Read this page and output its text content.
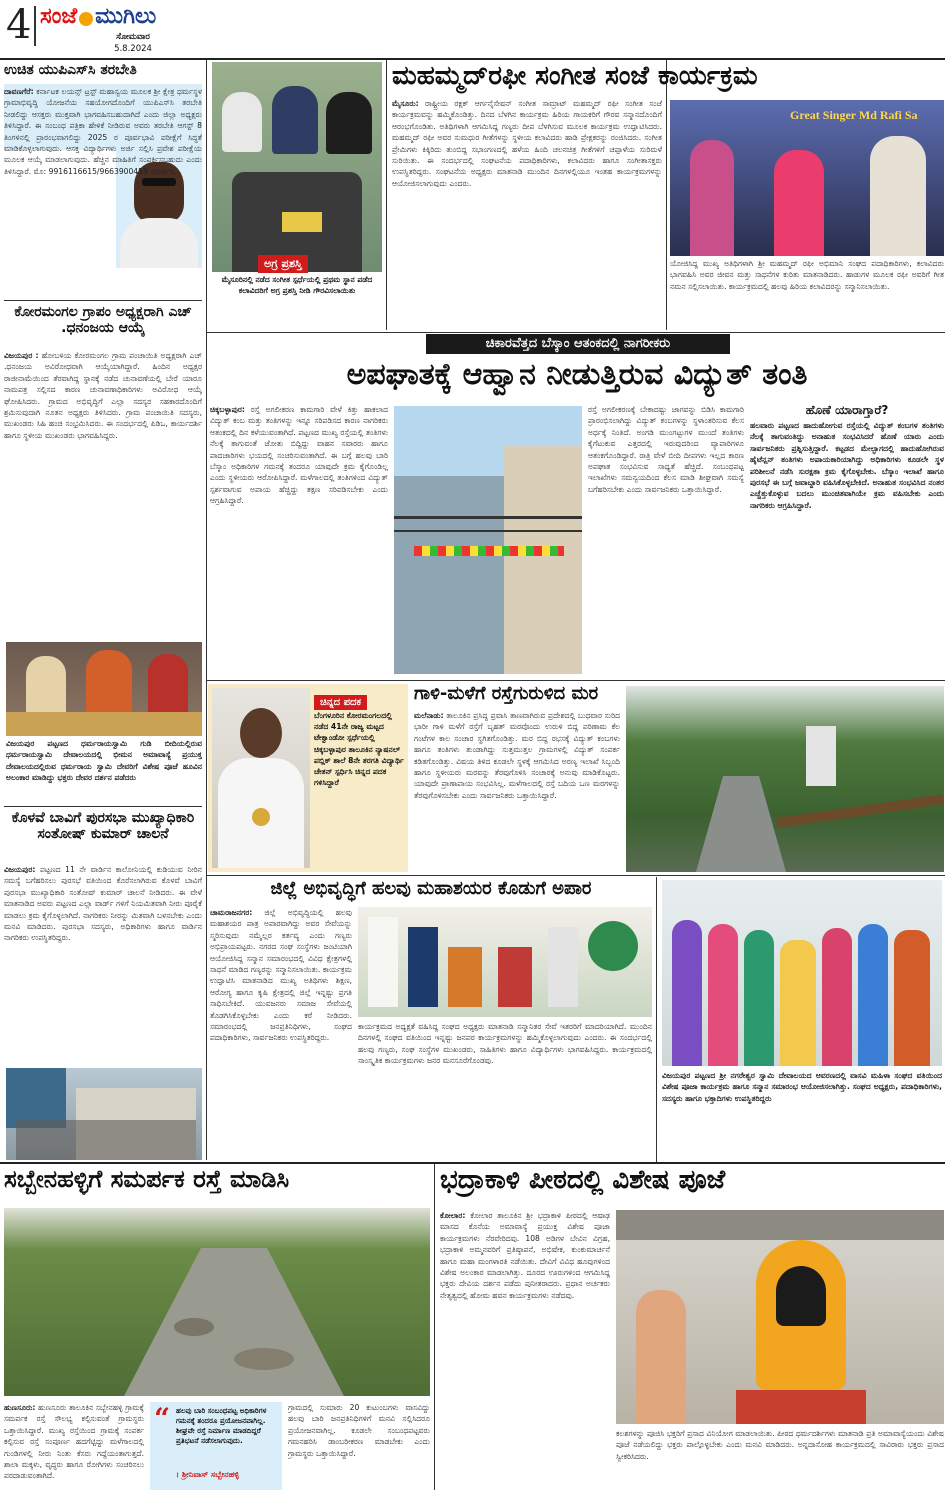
4 ಸಂಜೆ ಮುಗಿಲು
ಸೋಮವಾರ
5.8.2024
ಉಚಿತ ಯುಪಿಎಸ್‌ಸಿ ತರಬೇತಿ

ದಾವಣಗೆರೆ: ಕರ್ನಾಟಕ ಲಯನ್ಸ್ ಟ್ರಸ್ಟ್ ಮಹಾಸ್ವಯ ಮೂಲಕ ಶ್ರೀ ಕ್ಷೇತ್ರ ಧರ್ಮಸ್ಥಳ ಗ್ರಾಮಾಭಿವೃದ್ಧಿ ಯೋಜನೆಯ ಸಹಯೋಗದೊಂದಿಗೆ ಯುಪಿಎಸ್‌ಸಿ ತರಬೇತಿ ನೀಡಲಿದ್ದು ಆಸಕ್ತರು ಮುಕ್ತವಾಗಿ ಭಾಗವಹಿಸಬಹುದಾಗಿದೆ ಎಂದು ಜಿಲ್ಲಾ ಅಧ್ಯಕ್ಷರು ತಿಳಿಸಿದ್ದಾರೆ. ಈ ಸಂಬಂಧ ಪತ್ರಿಕಾ ಹೇಳಿಕೆ ನೀಡಿರುವ ಅವರು ತರಬೇತಿ ಆಗಸ್ಟ್ 8 ತಿಂಗಳಿನಲ್ಲಿ ಪ್ರಾರಂಭವಾಗಲಿದ್ದು 2025 ರ ಪೂರ್ವಭಾವಿ ಪರೀಕ್ಷೆಗೆ ಸಿದ್ಧತೆ ಮಾಡಿಕೊಳ್ಳಲಾಗುವುದು. ಆಸಕ್ತ ವಿದ್ಯಾರ್ಥಿಗಳು ಅರ್ಜಿ ಸಲ್ಲಿಸಿ ಪ್ರವೇಶ ಪರೀಕ್ಷೆಯ ಮೂಲಕ ಆಯ್ಕೆ ಮಾಡಲಾಗುವುದು. ಹೆಚ್ಚಿನ ಮಾಹಿತಿಗೆ ಸಂಪರ್ಕಿಸಬಹುದು ಎಂದು ತಿಳಿಸಿದ್ದಾರೆ. ಮೊ: 9916116615/9663900459 ಸಂಪರ್ಕಿಸಿ.

ಕೋರಮಂಗಲ ಗ್ರಾಪಂ ಅಧ್ಯಕ್ಷರಾಗಿ ಎಚ್ .ಧನಂಜಯ ಆಯ್ಕೆ

ವಿಜಯಪುರ : ಹೋಬಳಿಯ ಕೋರಮಂಗಲ ಗ್ರಾಮ ಪಂಚಾಯಿತಿ ಅಧ್ಯಕ್ಷರಾಗಿ ಎಚ್ .ಧನಂಜಯ ಅವಿರೋಧವಾಗಿ ಆಯ್ಕೆಯಾಗಿದ್ದಾರೆ. ಹಿಂದಿನ ಅಧ್ಯಕ್ಷರ ರಾಜೀನಾಮೆಯಿಂದ ತೆರವಾಗಿದ್ದ ಸ್ಥಾನಕ್ಕೆ ನಡೆದ ಚುನಾವಣೆಯಲ್ಲಿ ಬೇರೆ ಯಾರೂ ನಾಮಪತ್ರ ಸಲ್ಲಿಸದ ಕಾರಣ ಚುನಾವಣಾಧಿಕಾರಿಗಳು ಅವಿರೋಧ ಆಯ್ಕೆ ಘೋಷಿಸಿದರು. ಗ್ರಾಮದ ಅಭಿವೃದ್ಧಿಗೆ ಎಲ್ಲಾ ಸದಸ್ಯರ ಸಹಕಾರದೊಂದಿಗೆ ಶ್ರಮಿಸುವುದಾಗಿ ನೂತನ ಅಧ್ಯಕ್ಷರು ತಿಳಿಸಿದರು. ಗ್ರಾಮ ಪಂಚಾಯಿತಿ ಸದಸ್ಯರು, ಮುಖಂಡರು ಸಿಹಿ ಹಂಚಿ ಸಂಭ್ರಮಿಸಿದರು. ಈ ಸಂದರ್ಭದಲ್ಲಿ ಪಿಡಿಒ, ಕಾರ್ಯದರ್ಶಿ ಹಾಗೂ ಸ್ಥಳೀಯ ಮುಖಂಡರು ಭಾಗವಹಿಸಿದ್ದರು.

ವಿಜಯಪುರ ಪಟ್ಟಣದ ಧರ್ಮರಾಯಸ್ವಾಮಿ ಗುಡಿ ಬೀದಿಯಲ್ಲಿರುವ ಧರ್ಮರಾಯಸ್ವಾಮಿ ದೇವಾಲಯದಲ್ಲಿ ಭೀಮನ ಅಮಾವಾಸ್ಯೆ ಪ್ರಯುಕ್ತ ದೇವಾಲಯದಲ್ಲಿರುವ ಧರ್ಮರಾಯ ಸ್ವಾಮಿ ದೇವರಿಗೆ ವಿಶೇಷ ಪೂಜೆ ಹೂವಿನ ಅಲಂಕಾರ ಮಾಡಿದ್ದು ಭಕ್ತರು ದೇವರ ದರ್ಶನ ಪಡೆದರು

ಕೊಳವೆ ಬಾವಿಗೆ ಪುರಸಭಾ ಮುಖ್ಯಾಧಿಕಾರಿ ಸಂತೋಷ್ ಕುಮಾರ್ ಚಾಲನೆ

ವಿಜಯಪುರ: ಪಟ್ಟಣದ 11 ನೇ ವಾರ್ಡಿನ ಕಾಲೋನಿಯಲ್ಲಿ ಕುಡಿಯುವ ನೀರಿನ ಸಮಸ್ಯೆ ಬಗೆಹರಿಸಲು ಪುರಸಭೆ ವತಿಯಿಂದ ಕೊರೆಸಲಾಗಿರುವ ಕೊಳವೆ ಬಾವಿಗೆ ಪುರಸಭಾ ಮುಖ್ಯಾಧಿಕಾರಿ ಸಂತೋಷ್ ಕುಮಾರ್ ಚಾಲನೆ ನೀಡಿದರು. ಈ ವೇಳೆ ಮಾತನಾಡಿದ ಅವರು ಪಟ್ಟಣದ ಎಲ್ಲಾ ವಾರ್ಡ್ ಗಳಿಗೆ ನಿಯಮಿತವಾಗಿ ನೀರು ಪೂರೈಕೆ ಮಾಡಲು ಕ್ರಮ ಕೈಗೊಳ್ಳಲಾಗಿದೆ. ನಾಗರಿಕರು ನೀರನ್ನು ಮಿತವಾಗಿ ಬಳಸಬೇಕು ಎಂದು ಮನವಿ ಮಾಡಿದರು. ಪುರಸಭಾ ಸದಸ್ಯರು, ಅಧಿಕಾರಿಗಳು ಹಾಗೂ ವಾರ್ಡಿನ ನಾಗರಿಕರು ಉಪಸ್ಥಿತರಿದ್ದರು.

ಅಗ್ರ ಪ್ರಶಸ್ತಿ

ಮೈಸೂರಿನಲ್ಲಿ ನಡೆದ ಸಂಗೀತ ಸ್ಪರ್ಧೆಯಲ್ಲಿ ಪ್ರಥಮ ಸ್ಥಾನ ಪಡೆದ ಕಲಾವಿದರಿಗೆ ಅಗ್ರ ಪ್ರಶಸ್ತಿ ನೀಡಿ ಗೌರವಿಸಲಾಯಿತು

ಮಹಮ್ಮದ್‌ರಫೀ ಸಂಗೀತ ಸಂಜೆ ಕಾರ್ಯಕ್ರಮ

ಮೈಸೂರು: ರಾಷ್ಟ್ರೀಯ ರಕ್ಷಕ್ ಆರ್ಗನೈಸೇಷನ್ ಸಂಗೀತ ಸಾಮ್ರಾಟ್ ಮಹಮ್ಮದ್ ರಫೀ ಸಂಗೀತ ಸಂಜೆ ಕಾರ್ಯಕ್ರಮವನ್ನು ಹಮ್ಮಿಕೊಂಡಿತ್ತು. ದಿನದ ಬೆಳಗಿನ ಕಾರ್ಯಕ್ರಮ ಹಿರಿಯ ಗಾಯಕರಿಗೆ ಗೌರವ ಸನ್ಮಾನದೊಂದಿಗೆ ಆರಂಭಗೊಂಡಿತು. ಅತಿಥಿಗಳಾಗಿ ಆಗಮಿಸಿದ್ದ ಗಣ್ಯರು ದೀಪ ಬೆಳಗಿಸುವ ಮೂಲಕ ಕಾರ್ಯಕ್ರಮ ಉದ್ಘಾಟಿಸಿದರು. ಮಹಮ್ಮದ್ ರಫೀ ಅವರ ಸುಮಧುರ ಗೀತೆಗಳನ್ನು ಸ್ಥಳೀಯ ಕಲಾವಿದರು ಹಾಡಿ ಪ್ರೇಕ್ಷಕರನ್ನು ರಂಜಿಸಿದರು. ಸಂಗೀತ ಪ್ರೇಮಿಗಳು ಕಿಕ್ಕಿರಿದು ತುಂಬಿದ್ದ ಸಭಾಂಗಣದಲ್ಲಿ ಹಳೆಯ ಹಿಂದಿ ಚಲನಚಿತ್ರ ಗೀತೆಗಳಿಗೆ ಚಪ್ಪಾಳೆಯ ಸುರಿಮಳೆ ಸುರಿಯಿತು. ಈ ಸಂದರ್ಭದಲ್ಲಿ ಸಂಘಟನೆಯ ಪದಾಧಿಕಾರಿಗಳು, ಕಲಾವಿದರು ಹಾಗೂ ಸಂಗೀತಾಸಕ್ತರು ಉಪಸ್ಥಿತರಿದ್ದರು. ಸಂಘಟನೆಯ ಅಧ್ಯಕ್ಷರು ಮಾತನಾಡಿ ಮುಂದಿನ ದಿನಗಳಲ್ಲಿಯೂ ಇಂತಹ ಕಾರ್ಯಕ್ರಮಗಳನ್ನು ಆಯೋಜಿಸಲಾಗುವುದು ಎಂದರು.

Great Singer Md Rafi Sa

ಯೋಜಿಸಿದ್ದ ಮುಖ್ಯ ಅತಿಥಿಗಳಾಗಿ ಶ್ರೀ ಮಹಮ್ಮದ್ ರಫೀ ಅಭಿಮಾನಿ ಸಂಘದ ಪದಾಧಿಕಾರಿಗಳು, ಕಲಾವಿದರು ಭಾಗವಹಿಸಿ ಅವರ ಜೀವನ ಮತ್ತು ಸಾಧನೆಗಳ ಕುರಿತು ಮಾತನಾಡಿದರು. ಹಾಡುಗಳ ಮೂಲಕ ರಫೀ ಅವರಿಗೆ ಗೀತ ನಮನ ಸಲ್ಲಿಸಲಾಯಿತು. ಕಾರ್ಯಕ್ರಮದಲ್ಲಿ ಹಲವು ಹಿರಿಯ ಕಲಾವಿದರನ್ನು ಸನ್ಮಾನಿಸಲಾಯಿತು.

ಚಿಕಾರವೆತ್ತದ ಬೆಸ್ಕಾಂ ಆತಂಕದಲ್ಲಿ ನಾಗರೀಕರು
ಅಪಘಾತಕ್ಕೆ ಆಹ್ವಾನ ನೀಡುತ್ತಿರುವ ವಿದ್ಯುತ್ ತಂತಿ

ಚಿಕ್ಕಬಳ್ಳಾಪುರ: ರಸ್ತೆ ಅಗಲೀಕರಣ ಕಾಮಗಾರಿ ವೇಳೆ ಕಿತ್ತು ಹಾಕಲಾದ ವಿದ್ಯುತ್ ಕಂಬ ಮತ್ತು ತಂತಿಗಳನ್ನು ಇನ್ನೂ ಸರಿಪಡಿಸದ ಕಾರಣ ನಾಗರಿಕರು ಆತಂಕದಲ್ಲಿ ದಿನ ಕಳೆಯುವಂತಾಗಿದೆ. ಪಟ್ಟಣದ ಮುಖ್ಯ ರಸ್ತೆಯಲ್ಲಿ ತಂತಿಗಳು ನೆಲಕ್ಕೆ ತಾಗುವಂತೆ ಜೋತು ಬಿದ್ದಿದ್ದು ವಾಹನ ಸವಾರರು ಹಾಗೂ ಪಾದಚಾರಿಗಳು ಭಯದಲ್ಲಿ ಸಂಚರಿಸುವಂತಾಗಿದೆ. ಈ ಬಗ್ಗೆ ಹಲವು ಬಾರಿ ಬೆಸ್ಕಾಂ ಅಧಿಕಾರಿಗಳ ಗಮನಕ್ಕೆ ತಂದರೂ ಯಾವುದೇ ಕ್ರಮ ಕೈಗೊಂಡಿಲ್ಲ ಎಂದು ಸ್ಥಳೀಯರು ಆರೋಪಿಸಿದ್ದಾರೆ. ಮಳೆಗಾಲದಲ್ಲಿ ತಂತಿಗಳಿಂದ ವಿದ್ಯುತ್ ಸ್ಪರ್ಶವಾಗುವ ಅಪಾಯ ಹೆಚ್ಚಿದ್ದು ತಕ್ಷಣ ಸರಿಪಡಿಸಬೇಕು ಎಂದು ಆಗ್ರಹಿಸಿದ್ದಾರೆ.

ರಸ್ತೆ ಅಗಲೀಕರಣಕ್ಕೆ ಬೇಕಾದಷ್ಟು ಜಾಗವನ್ನು ಬಿಡಿಸಿ ಕಾಮಗಾರಿ ಪ್ರಾರಂಭಿಸಲಾಗಿದ್ದು ವಿದ್ಯುತ್ ಕಂಬಗಳನ್ನು ಸ್ಥಳಾಂತರಿಸುವ ಕೆಲಸ ಅರ್ಧಕ್ಕೆ ನಿಂತಿದೆ. ಅಂಗಡಿ ಮುಂಗಟ್ಟುಗಳ ಮುಂದೆ ತಂತಿಗಳು ಕೈಗೆಟುಕುವ ಎತ್ತರದಲ್ಲಿ ಇರುವುದರಿಂದ ವ್ಯಾಪಾರಿಗಳೂ ಆತಂಕಗೊಂಡಿದ್ದಾರೆ. ರಾತ್ರಿ ವೇಳೆ ಬೀದಿ ದೀಪಗಳು ಇಲ್ಲದ ಕಾರಣ ಅಪಘಾತ ಸಂಭವಿಸುವ ಸಾಧ್ಯತೆ ಹೆಚ್ಚಿದೆ. ಸಂಬಂಧಪಟ್ಟ ಇಲಾಖೆಗಳು ಸಮನ್ವಯದಿಂದ ಕೆಲಸ ಮಾಡಿ ಶೀಘ್ರವಾಗಿ ಸಮಸ್ಯೆ ಬಗೆಹರಿಸಬೇಕು ಎಂದು ಸಾರ್ವಜನಿಕರು ಒತ್ತಾಯಿಸಿದ್ದಾರೆ.

ಹೊಣೆ ಯಾರಾಗ್ತಾರೆ?

ಹಲವಾರು ಪಟ್ಟಣದ ಹಾದುಹೋಗುವ ರಸ್ತೆಯಲ್ಲಿ ವಿದ್ಯುತ್ ಕಂಬಗಳ ತಂತಿಗಳು ನೆಲಕ್ಕೆ ತಾಗುವಂತಿದ್ದು ಅನಾಹುತ ಸಂಭವಿಸಿದರೆ ಹೊಣೆ ಯಾರು ಎಂದು ಸಾರ್ವಜನಿಕರು ಪ್ರಶ್ನಿಸುತ್ತಿದ್ದಾರೆ. ಕಟ್ಟಡದ ಮೇಲ್ಭಾಗದಲ್ಲಿ ಹಾದುಹೋಗಿರುವ ಹೈಟೆನ್ಷನ್ ತಂತಿಗಳು ಅಪಾಯಕಾರಿಯಾಗಿದ್ದು ಅಧಿಕಾರಿಗಳು ಕೂಡಲೇ ಸ್ಥಳ ಪರಿಶೀಲನೆ ನಡೆಸಿ ಸುರಕ್ಷತಾ ಕ್ರಮ ಕೈಗೊಳ್ಳಬೇಕು. ಬೆಸ್ಕಾಂ ಇಲಾಖೆ ಹಾಗೂ ಪುರಸಭೆ ಈ ಬಗ್ಗೆ ಜವಾಬ್ದಾರಿ ವಹಿಸಿಕೊಳ್ಳಬೇಕಿದೆ. ಅನಾಹುತ ಸಂಭವಿಸಿದ ನಂತರ ಎಚ್ಚೆತ್ತುಕೊಳ್ಳುವ ಬದಲು ಮುಂಚಿತವಾಗಿಯೇ ಕ್ರಮ ವಹಿಸಬೇಕು ಎಂದು ನಾಗರಿಕರು ಆಗ್ರಹಿಸಿದ್ದಾರೆ.

ಚಿನ್ನದ ಪದಕ

ಬೆಂಗಳೂರಿನ ಕೋರಮಂಗಲದಲ್ಲಿ ನಡೆದ 41ನೇ ರಾಜ್ಯ ಮಟ್ಟದ ಟೇಕ್ವಾಂಡೋ ಸ್ಪರ್ಧೆಯಲ್ಲಿ ಚಿಕ್ಕಬಳ್ಳಾಪುರ ತಾಲೂಕಿನ ನ್ಯಾಷನಲ್ ಪಬ್ಲಿಕ್ ಶಾಲೆ 8ನೇ ತರಗತಿ ವಿದ್ಯಾರ್ಥಿ ಚೇತನ್ ಸ್ಪರ್ಧಿಸಿ ಚಿನ್ನದ ಪದಕ ಗಳಿಸಿದ್ದಾರೆ

ಗಾಳಿ-ಮಳೆಗೆ ರಸ್ತೆಗುರುಳಿದ ಮರ

ಮಲೆನಾಡು: ತಾಲೂಕಿನ ಪ್ರಸಿದ್ಧ ಪ್ರವಾಸಿ ತಾಣವಾಗಿರುವ ಪ್ರದೇಶದಲ್ಲಿ ಬುಧವಾರ ಸುರಿದ ಭಾರೀ ಗಾಳಿ ಮಳೆಗೆ ರಸ್ತೆಗೆ ಬೃಹತ್ ಮರವೊಂದು ಉರುಳಿ ಬಿದ್ದ ಪರಿಣಾಮ ಕೆಲ ಗಂಟೆಗಳ ಕಾಲ ಸಂಚಾರ ಸ್ಥಗಿತಗೊಂಡಿತ್ತು. ಮರ ಬಿದ್ದ ರಭಸಕ್ಕೆ ವಿದ್ಯುತ್ ಕಂಬಗಳು ಹಾಗೂ ತಂತಿಗಳು ತುಂಡಾಗಿದ್ದು ಸುತ್ತಮುತ್ತಲ ಗ್ರಾಮಗಳಲ್ಲಿ ವಿದ್ಯುತ್ ಸಂಪರ್ಕ ಕಡಿತಗೊಂಡಿತ್ತು. ವಿಷಯ ತಿಳಿದ ಕೂಡಲೇ ಸ್ಥಳಕ್ಕೆ ಆಗಮಿಸಿದ ಅರಣ್ಯ ಇಲಾಖೆ ಸಿಬ್ಬಂದಿ ಹಾಗೂ ಸ್ಥಳೀಯರು ಮರವನ್ನು ತೆರವುಗೊಳಿಸಿ ಸಂಚಾರಕ್ಕೆ ಅನುವು ಮಾಡಿಕೊಟ್ಟರು. ಯಾವುದೇ ಪ್ರಾಣಾಪಾಯ ಸಂಭವಿಸಿಲ್ಲ. ಮಳೆಗಾಲದಲ್ಲಿ ರಸ್ತೆ ಬದಿಯ ಒಣ ಮರಗಳನ್ನು ತೆರವುಗೊಳಿಸಬೇಕು ಎಂದು ಸಾರ್ವಜನಿಕರು ಒತ್ತಾಯಿಸಿದ್ದಾರೆ.

ಜಿಲ್ಲೆ ಅಭಿವೃದ್ಧಿಗೆ ಹಲವು ಮಹಾಶಯರ ಕೊಡುಗೆ ಅಪಾರ

ಚಾಮರಾಜನಗರ: ಜಿಲ್ಲೆ ಅಭಿವೃದ್ಧಿಯಲ್ಲಿ ಹಲವು ಮಹಾಶಯರ ಪಾತ್ರ ಅಪಾರವಾಗಿದ್ದು ಅವರ ಸೇವೆಯನ್ನು ಸ್ಮರಿಸುವುದು ನಮ್ಮೆಲ್ಲರ ಕರ್ತವ್ಯ ಎಂದು ಗಣ್ಯರು ಅಭಿಪ್ರಾಯಪಟ್ಟರು. ನಗರದ ಸಂಘ ಸಂಸ್ಥೆಗಳು ಜಂಟಿಯಾಗಿ ಆಯೋಜಿಸಿದ್ದ ಸನ್ಮಾನ ಸಮಾರಂಭದಲ್ಲಿ ವಿವಿಧ ಕ್ಷೇತ್ರಗಳಲ್ಲಿ ಸಾಧನೆ ಮಾಡಿದ ಗಣ್ಯರನ್ನು ಸನ್ಮಾನಿಸಲಾಯಿತು. ಕಾರ್ಯಕ್ರಮ ಉದ್ಘಾಟಿಸಿ ಮಾತನಾಡಿದ ಮುಖ್ಯ ಅತಿಥಿಗಳು ಶಿಕ್ಷಣ, ಆರೋಗ್ಯ ಹಾಗೂ ಕೃಷಿ ಕ್ಷೇತ್ರದಲ್ಲಿ ಜಿಲ್ಲೆ ಇನ್ನಷ್ಟು ಪ್ರಗತಿ ಸಾಧಿಸಬೇಕಿದೆ. ಯುವಜನರು ಸಮಾಜ ಸೇವೆಯಲ್ಲಿ ತೊಡಗಿಸಿಕೊಳ್ಳಬೇಕು ಎಂದು ಕರೆ ನೀಡಿದರು. ಸಮಾರಂಭದಲ್ಲಿ ಜನಪ್ರತಿನಿಧಿಗಳು, ಸಂಘದ ಪದಾಧಿಕಾರಿಗಳು, ಸಾರ್ವಜನಿಕರು ಉಪಸ್ಥಿತರಿದ್ದರು.

ಕಾರ್ಯಕ್ರಮದ ಅಧ್ಯಕ್ಷತೆ ವಹಿಸಿದ್ದ ಸಂಘದ ಅಧ್ಯಕ್ಷರು ಮಾತನಾಡಿ ಸನ್ಮಾನಿತರ ಸೇವೆ ಇತರರಿಗೆ ಮಾದರಿಯಾಗಿದೆ. ಮುಂದಿನ ದಿನಗಳಲ್ಲಿ ಸಂಘದ ವತಿಯಿಂದ ಇನ್ನಷ್ಟು ಜನಪರ ಕಾರ್ಯಕ್ರಮಗಳನ್ನು ಹಮ್ಮಿಕೊಳ್ಳಲಾಗುವುದು ಎಂದರು. ಈ ಸಂದರ್ಭದಲ್ಲಿ ಹಲವು ಗಣ್ಯರು, ಸಂಘ ಸಂಸ್ಥೆಗಳ ಮುಖಂಡರು, ಸಾಹಿತಿಗಳು ಹಾಗೂ ವಿದ್ಯಾರ್ಥಿಗಳು ಭಾಗವಹಿಸಿದ್ದರು. ಕಾರ್ಯಕ್ರಮದಲ್ಲಿ ಸಾಂಸ್ಕೃತಿಕ ಕಾರ್ಯಕ್ರಮಗಳು ಜನರ ಮನಸೂರೆಗೊಂಡವು.

ವಿಜಯಪುರ ಪಟ್ಟಣದ ಶ್ರೀ ನಗರೇಶ್ವರ ಸ್ವಾಮಿ ದೇವಾಲಯದ ಆವರಣದಲ್ಲಿ ವಾಸವಿ ಮಹಿಳಾ ಸಂಘದ ವತಿಯಿಂದ ವಿಶೇಷ ಪೂಜಾ ಕಾರ್ಯಕ್ರಮ ಹಾಗೂ ಸನ್ಮಾನ ಸಮಾರಂಭ ಆಯೋಜಿಸಲಾಗಿತ್ತು. ಸಂಘದ ಅಧ್ಯಕ್ಷರು, ಪದಾಧಿಕಾರಿಗಳು, ಸದಸ್ಯರು ಹಾಗೂ ಭಕ್ತಾದಿಗಳು ಉಪಸ್ಥಿತರಿದ್ದರು

ಸಬ್ಬೇನಹಳ್ಳಿಗೆ ಸಮರ್ಪಕ ರಸ್ತೆ ಮಾಡಿಸಿ

ಹುಣಸೂರು: ಹುಣಸೂರು ತಾಲೂಕಿನ ಸಬ್ಬೇನಹಳ್ಳಿ ಗ್ರಾಮಕ್ಕೆ ಸಮರ್ಪಕ ರಸ್ತೆ ಸೌಲಭ್ಯ ಕಲ್ಪಿಸುವಂತೆ ಗ್ರಾಮಸ್ಥರು ಒತ್ತಾಯಿಸಿದ್ದಾರೆ. ಮುಖ್ಯ ರಸ್ತೆಯಿಂದ ಗ್ರಾಮಕ್ಕೆ ಸಂಪರ್ಕ ಕಲ್ಪಿಸುವ ರಸ್ತೆ ಸಂಪೂರ್ಣ ಹದಗೆಟ್ಟಿದ್ದು ಮಳೆಗಾಲದಲ್ಲಿ ಗುಂಡಿಗಳಲ್ಲಿ ನೀರು ನಿಂತು ಕೆಸರು ಗದ್ದೆಯಂತಾಗುತ್ತದೆ. ಶಾಲಾ ಮಕ್ಕಳು, ವೃದ್ಧರು ಹಾಗೂ ರೋಗಿಗಳು ಸಂಚರಿಸಲು ಪರದಾಡುವಂತಾಗಿದೆ.

“ ಹಲವು ಬಾರಿ ಸಂಬಂಧಪಟ್ಟ ಅಧಿಕಾರಿಗಳ ಗಮನಕ್ಕೆ ತಂದರೂ ಪ್ರಯೋಜನವಾಗಿಲ್ಲ. ಶೀಘ್ರವೇ ರಸ್ತೆ ನಿರ್ಮಾಣ ಮಾಡದಿದ್ದರೆ ಪ್ರತಿಭಟನೆ ನಡೆಸಲಾಗುವುದು.

। ಶ್ರೀನಿವಾಸ್ ಸಬ್ಬೇನಹಳ್ಳಿ

ಗ್ರಾಮದಲ್ಲಿ ಸುಮಾರು 20 ಕುಟುಂಬಗಳು ವಾಸವಿದ್ದು ಹಲವು ಬಾರಿ ಜನಪ್ರತಿನಿಧಿಗಳಿಗೆ ಮನವಿ ಸಲ್ಲಿಸಿದರೂ ಪ್ರಯೋಜನವಾಗಿಲ್ಲ. ಕೂಡಲೇ ಸಂಬಂಧಪಟ್ಟವರು ಗಮನಹರಿಸಿ ಡಾಂಬರೀಕರಣ ಮಾಡಬೇಕು ಎಂದು ಗ್ರಾಮಸ್ಥರು ಒತ್ತಾಯಿಸಿದ್ದಾರೆ.

ಭದ್ರಾಕಾಳಿ ಪೀಠದಲ್ಲಿ ವಿಶೇಷ ಪೂಜೆ

ಕೋಲಾರ: ಕೋಲಾರ ತಾಲೂಕಿನ ಶ್ರೀ ಭದ್ರಾಕಾಳಿ ಪೀಠದಲ್ಲಿ ಆಷಾಢ ಮಾಸದ ಕೊನೆಯ ಅಮಾವಾಸ್ಯೆ ಪ್ರಯುಕ್ತ ವಿಶೇಷ ಪೂಜಾ ಕಾರ್ಯಕ್ರಮಗಳು ನೆರವೇರಿದವು. 108 ಅಡಿಗಳ ಬೇವಿನ ವಿಗ್ರಹ, ಭದ್ರಾಕಾಳಿ ಅಮ್ಮನವರಿಗೆ ಪ್ರತಿಷ್ಠಾಪನೆ, ಅಭಿಷೇಕ, ಕುಂಕುಮಾರ್ಚನೆ ಹಾಗೂ ಮಹಾ ಮಂಗಳಾರತಿ ನಡೆಯಿತು. ದೇವಿಗೆ ವಿವಿಧ ಹೂವುಗಳಿಂದ ವಿಶೇಷ ಅಲಂಕಾರ ಮಾಡಲಾಗಿತ್ತು. ದೂರದ ಊರುಗಳಿಂದ ಆಗಮಿಸಿದ್ದ ಭಕ್ತರು ದೇವಿಯ ದರ್ಶನ ಪಡೆದು ಪುನೀತರಾದರು. ಪ್ರಧಾನ ಅರ್ಚಕರು ನೇತೃತ್ವದಲ್ಲಿ ಹೋಮ ಹವನ ಕಾರ್ಯಕ್ರಮಗಳು ನಡೆದವು.

ಕಲಶಗಳನ್ನು ಪೂಜಿಸಿ ಭಕ್ತರಿಗೆ ಪ್ರಸಾದ ವಿನಿಯೋಗ ಮಾಡಲಾಯಿತು. ಪೀಠದ ಧರ್ಮದರ್ಶಿಗಳು ಮಾತನಾಡಿ ಪ್ರತಿ ಅಮಾವಾಸ್ಯೆಯಂದು ವಿಶೇಷ ಪೂಜೆ ನಡೆಯಲಿದ್ದು ಭಕ್ತರು ಪಾಲ್ಗೊಳ್ಳಬೇಕು ಎಂದು ಮನವಿ ಮಾಡಿದರು. ಅನ್ನದಾಸೋಹ ಕಾರ್ಯಕ್ರಮದಲ್ಲಿ ಸಾವಿರಾರು ಭಕ್ತರು ಪ್ರಸಾದ ಸ್ವೀಕರಿಸಿದರು.
